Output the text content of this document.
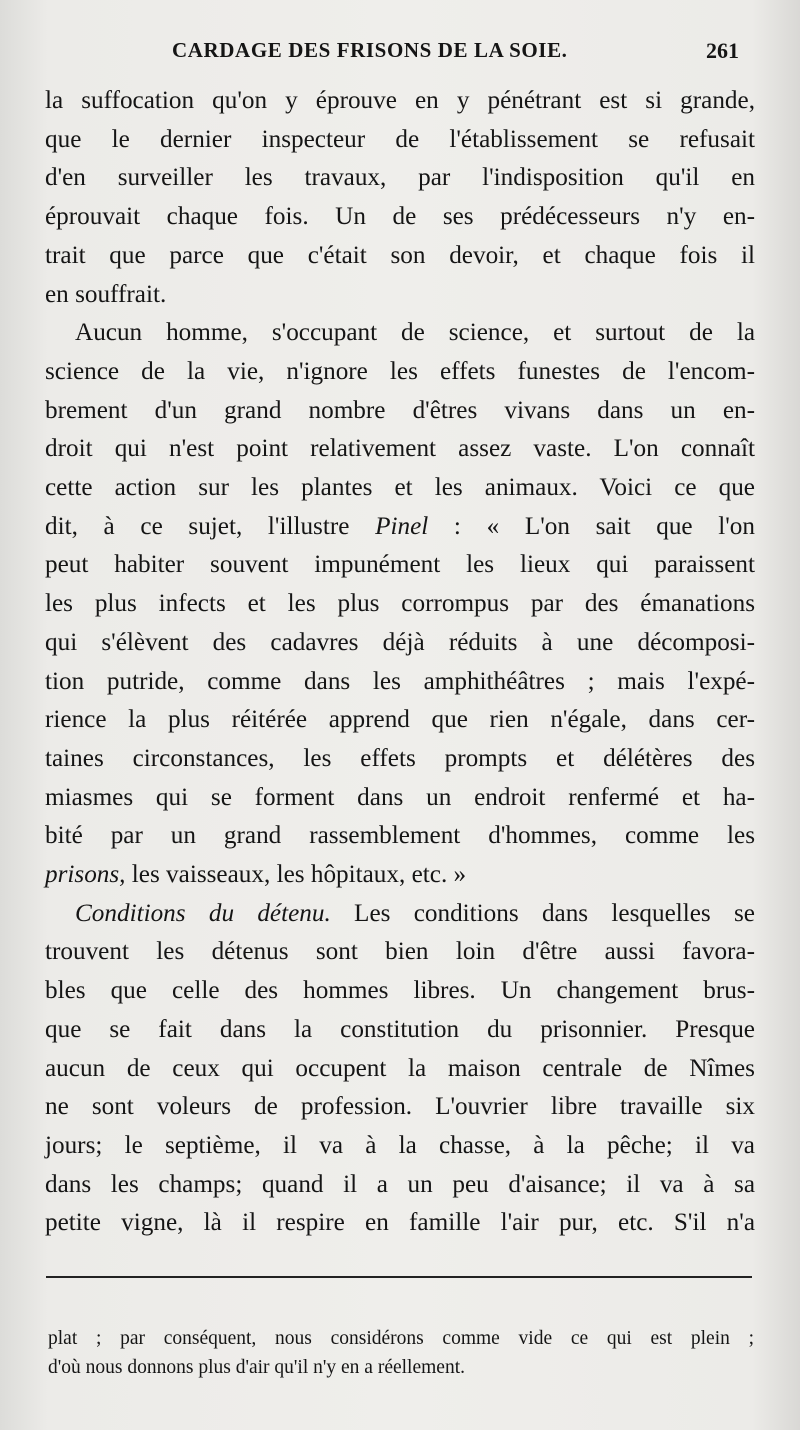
CARDAGE DES FRISONS DE LA SOIE.	261
la suffocation qu'on y éprouve en y pénétrant est si grande,
que le dernier inspecteur de l'établissement se refusait
d'en surveiller les travaux, par l'indisposition qu'il en
éprouvait chaque fois. Un de ses prédécesseurs n'y en-
trait que parce que c'était son devoir, et chaque fois il
en souffrait.
Aucun homme, s'occupant de science, et surtout de la
science de la vie, n'ignore les effets funestes de l'encom-
brement d'un grand nombre d'êtres vivans dans un en-
droit qui n'est point relativement assez vaste. L'on connaît
cette action sur les plantes et les animaux. Voici ce que
dit, à ce sujet, l'illustre Pinel : « L'on sait que l'on
peut habiter souvent impunément les lieux qui paraissent
les plus infects et les plus corrompus par des émanations
qui s'élèvent des cadavres déjà réduits à une décomposi-
tion putride, comme dans les amphithéâtres ; mais l'expé-
rience la plus réitérée apprend que rien n'égale, dans cer-
taines circonstances, les effets prompts et délétères des
miasmes qui se forment dans un endroit renfermé et ha-
bité par un grand rassemblement d'hommes, comme les
prisons, les vaisseaux, les hôpitaux, etc. »
Conditions du détenu. Les conditions dans lesquelles se
trouvent les détenus sont bien loin d'être aussi favora-
bles que celle des hommes libres. Un changement brus-
que se fait dans la constitution du prisonnier. Presque
aucun de ceux qui occupent la maison centrale de Nîmes
ne sont voleurs de profession. L'ouvrier libre travaille six
jours; le septième, il va à la chasse, à la pêche; il va
dans les champs; quand il a un peu d'aisance; il va à sa
petite vigne, là il respire en famille l'air pur, etc. S'il n'a
plat ; par conséquent, nous considérons comme vide ce qui est plein ;
d'où nous donnons plus d'air qu'il n'y en a réellement.
